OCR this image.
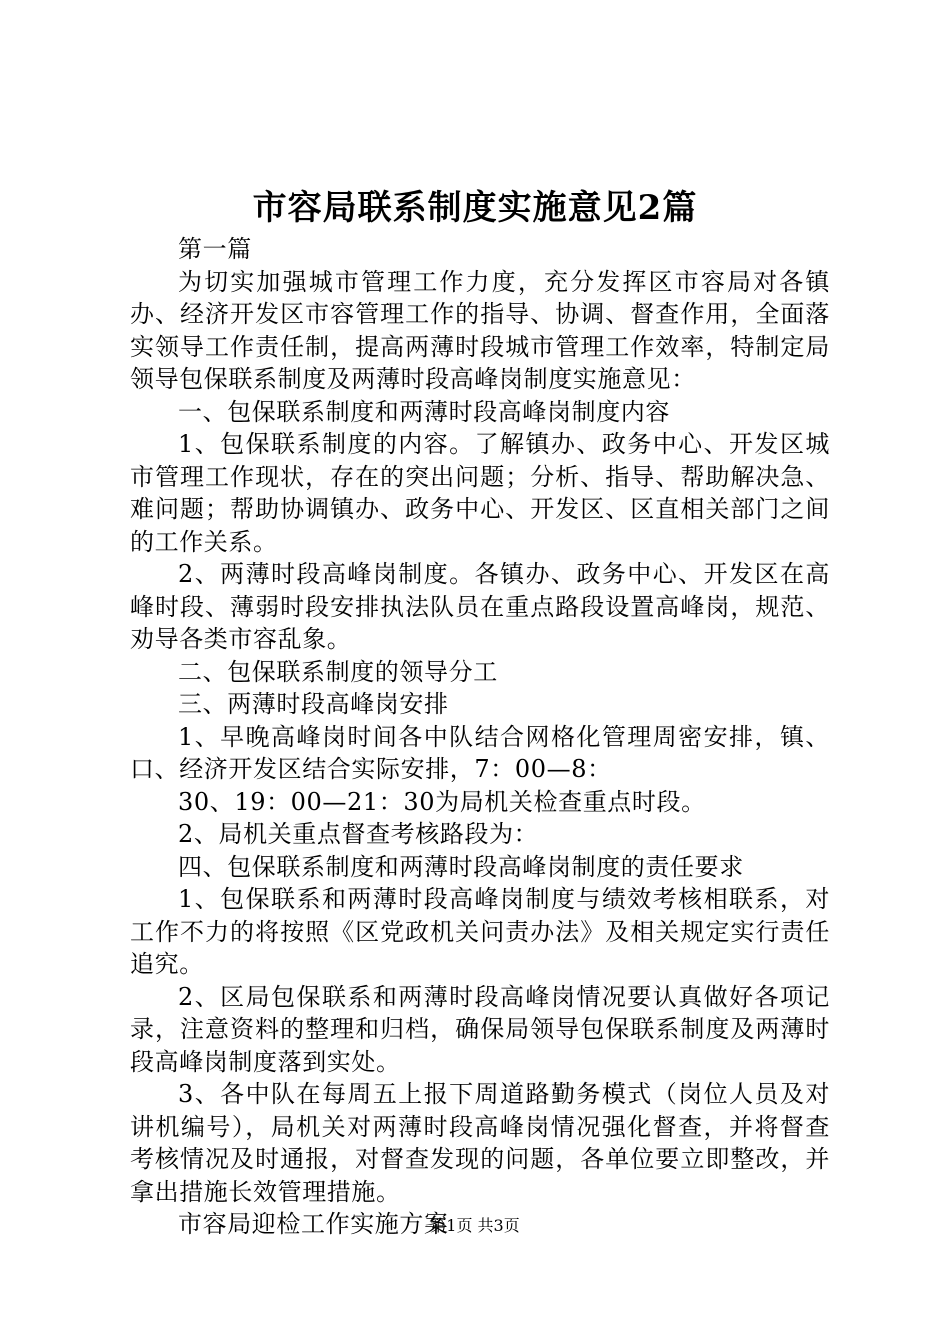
市容局联系制度实施意见2篇

第一篇

为切实加强城市管理工作力度，充分发挥区市容局对各镇办、经济开发区市容管理工作的指导、协调、督查作用，全面落实领导工作责任制，提高两薄时段城市管理工作效率，特制定局领导包保联系制度及两薄时段高峰岗制度实施意见：

一、包保联系制度和两薄时段高峰岗制度内容

1、包保联系制度的内容。了解镇办、政务中心、开发区城市管理工作现状，存在的突出问题；分析、指导、帮助解决急、难问题；帮助协调镇办、政务中心、开发区、区直相关部门之间的工作关系。

2、两薄时段高峰岗制度。各镇办、政务中心、开发区在高峰时段、薄弱时段安排执法队员在重点路段设置高峰岗，规范、劝导各类市容乱象。

二、包保联系制度的领导分工

三、两薄时段高峰岗安排

1、早晚高峰岗时间各中队结合网格化管理周密安排，镇、口、经济开发区结合实际安排，7：00—8：

30、19：00—21：30为局机关检查重点时段。

2、局机关重点督查考核路段为：

四、包保联系制度和两薄时段高峰岗制度的责任要求

1、包保联系和两薄时段高峰岗制度与绩效考核相联系，对工作不力的将按照《区党政机关问责办法》及相关规定实行责任追究。

2、区局包保联系和两薄时段高峰岗情况要认真做好各项记录，注意资料的整理和归档，确保局领导包保联系制度及两薄时段高峰岗制度落到实处。

3、各中队在每周五上报下周道路勤务模式（岗位人员及对讲机编号），局机关对两薄时段高峰岗情况强化督查，并将督查考核情况及时通报，对督查发现的问题，各单位要立即整改，并拿出措施长效管理措施。

市容局迎检工作实施方案

第1页 共3页
